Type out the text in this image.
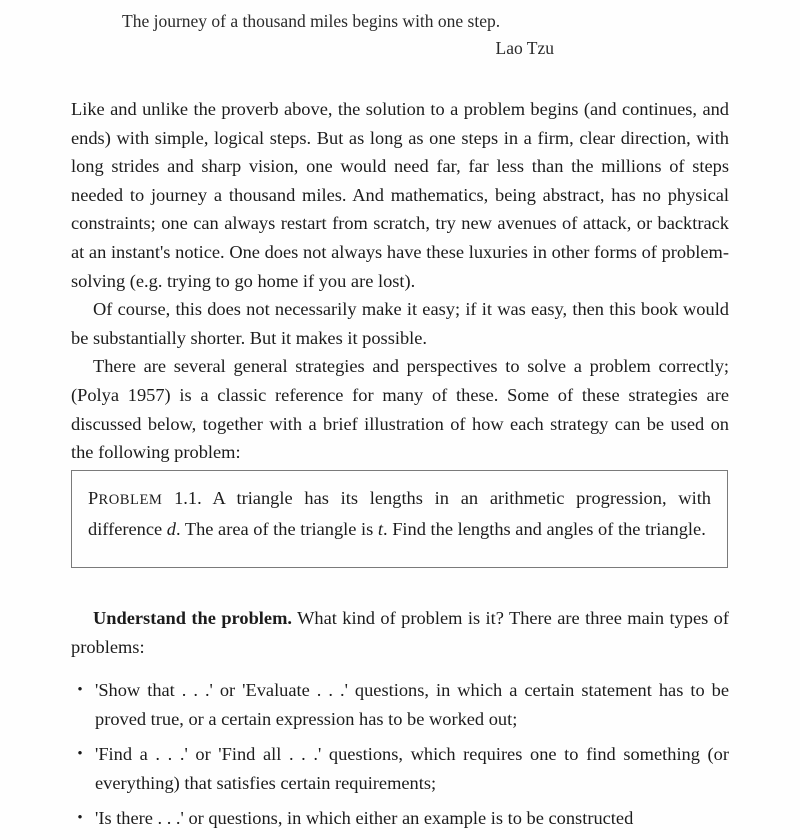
The journey of a thousand miles begins with one step.
Lao Tzu

Like and unlike the proverb above, the solution to a problem begins (and continues, and ends) with simple, logical steps. But as long as one steps in a firm, clear direction, with long strides and sharp vision, one would need far, far less than the millions of steps needed to journey a thousand miles. And mathematics, being abstract, has no physical constraints; one can always restart from scratch, try new avenues of attack, or backtrack at an instant's notice. One does not always have these luxuries in other forms of problem-solving (e.g. trying to go home if you are lost).

Of course, this does not necessarily make it easy; if it was easy, then this book would be substantially shorter. But it makes it possible.

There are several general strategies and perspectives to solve a problem correctly; (Polya 1957) is a classic reference for many of these. Some of these strategies are discussed below, together with a brief illustration of how each strategy can be used on the following problem:

PROBLEM 1.1. A triangle has its lengths in an arithmetic progression, with difference d. The area of the triangle is t. Find the lengths and angles of the triangle.
Understand the problem. What kind of problem is it? There are three main types of problems:
• 'Show that . . .' or 'Evaluate . . .' questions, in which a certain statement has to be proved true, or a certain expression has to be worked out;
• 'Find a . . .' or 'Find all . . .' questions, which requires one to find something (or everything) that satisfies certain requirements;
• 'Is there . . .' or questions, in which either an example is to be constructed
